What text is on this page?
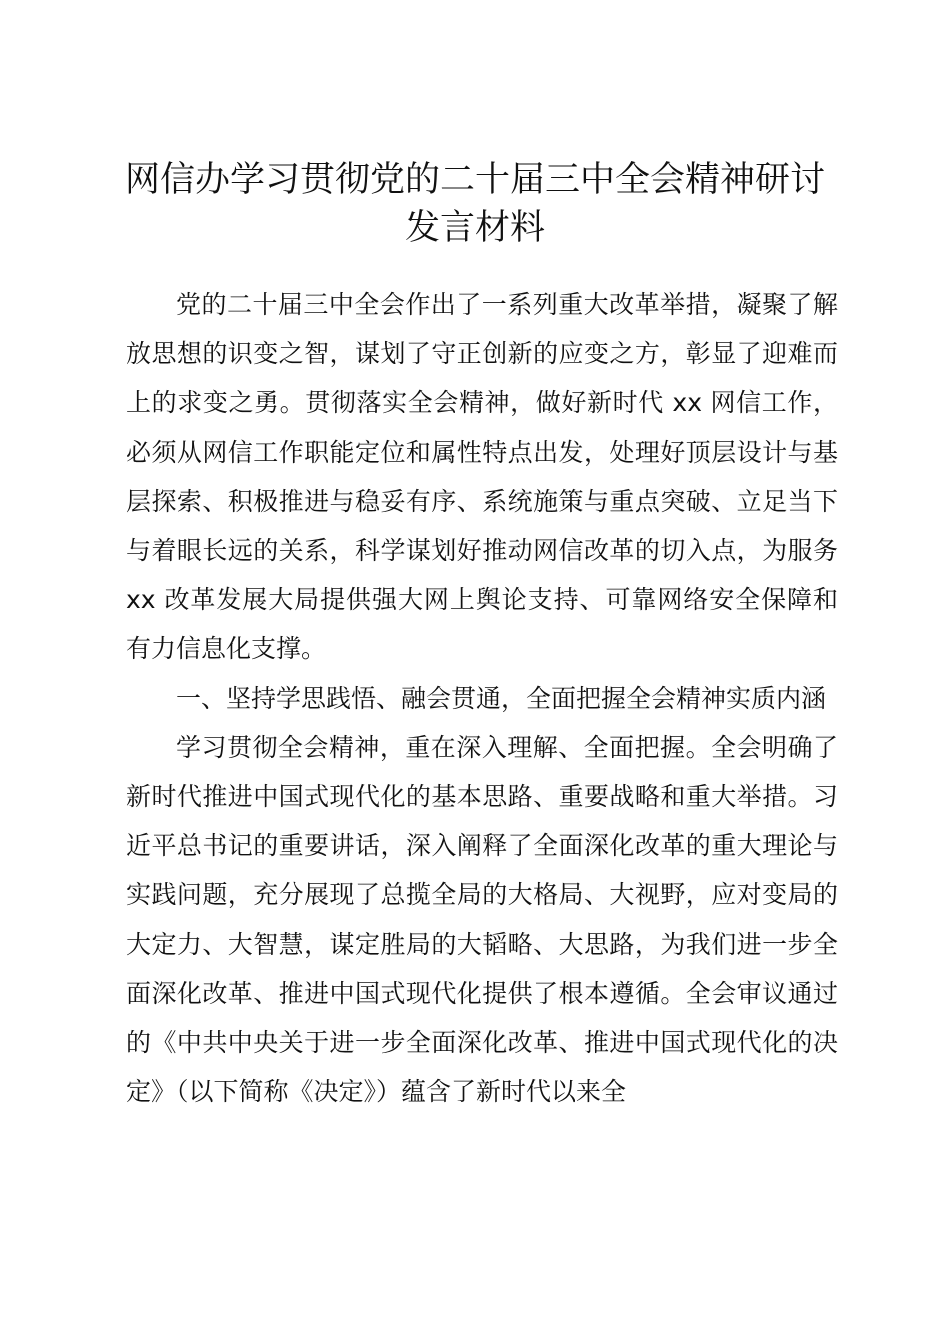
网信办学习贯彻党的二十届三中全会精神研讨
发言材料

党的二十届三中全会作出了一系列重大改革举措，凝聚了解放思想的识变之智，谋划了守正创新的应变之方，彰显了迎难而上的求变之勇。贯彻落实全会精神，做好新时代 xx 网信工作，必须从网信工作职能定位和属性特点出发，处理好顶层设计与基层探索、积极推进与稳妥有序、系统施策与重点突破、立足当下与着眼长远的关系，科学谋划好推动网信改革的切入点，为服务 xx 改革发展大局提供强大网上舆论支持、可靠网络安全保障和有力信息化支撑。

一、坚持学思践悟、融会贯通，全面把握全会精神实质内涵

学习贯彻全会精神，重在深入理解、全面把握。全会明确了新时代推进中国式现代化的基本思路、重要战略和重大举措。习近平总书记的重要讲话，深入阐释了全面深化改革的重大理论与实践问题，充分展现了总揽全局的大格局、大视野，应对变局的大定力、大智慧，谋定胜局的大韬略、大思路，为我们进一步全面深化改革、推进中国式现代化提供了根本遵循。全会审议通过的《中共中央关于进一步全面深化改革、推进中国式现代化的决定》（以下简称《决定》）蕴含了新时代以来全
